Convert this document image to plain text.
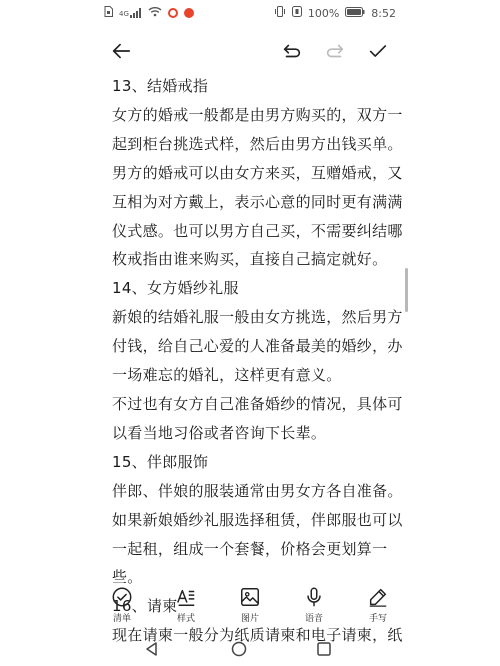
4G	100%	8:52
13、结婚戒指
女方的婚戒一般都是由男方购买的，双方一
起到柜台挑选式样，然后由男方出钱买单。
男方的婚戒可以由女方来买，互赠婚戒，又
互相为对方戴上，表示心意的同时更有满满
仪式感。也可以男方自己买，不需要纠结哪
枚戒指由谁来购买，直接自己搞定就好。
14、女方婚纱礼服
新娘的结婚礼服一般由女方挑选，然后男方
付钱，给自己心爱的人准备最美的婚纱，办
一场难忘的婚礼，这样更有意义。
不过也有女方自己准备婚纱的情况，具体可
以看当地习俗或者咨询下长辈。
15、伴郎服饰
伴郎、伴娘的服装通常由男女方各自准备。
如果新娘婚纱礼服选择租赁，伴郎服也可以
一起租，组成一个套餐，价格会更划算一
些。
16、请柬
现在请柬一般分为纸质请柬和电子请柬，纸
清单	样式	图片	语音	手写
